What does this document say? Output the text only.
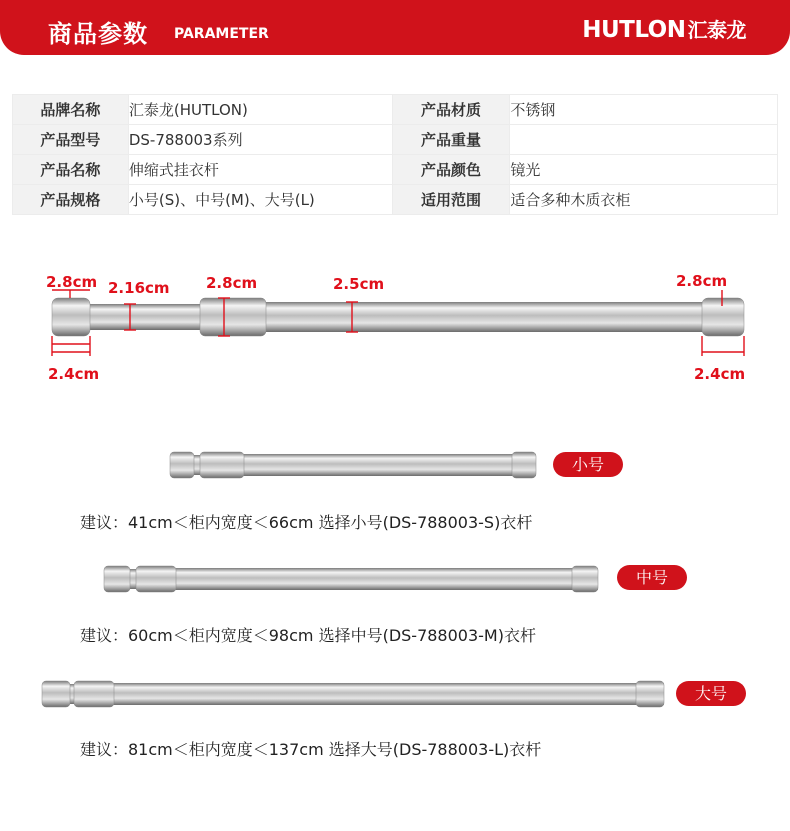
商品参数 PARAMETER	HUTLON 汇泰龙
品牌名称	汇泰龙(HUTLON)	产品材质	不锈钢
产品型号	DS-788003系列	产品重量	
产品名称	伸缩式挂衣杆	产品颜色	镜光
产品规格	小号(S)、中号(M)、大号(L)	适用范围	适合多种木质衣柜
2.8cm 2.16cm 2.8cm	2.5cm	2.8cm
2.4cm	2.4cm
小号
建议：41cm＜柜内宽度＜66cm 选择小号(DS-788003-S)衣杆
中号
建议：60cm＜柜内宽度＜98cm 选择中号(DS-788003-M)衣杆
大号
建议：81cm＜柜内宽度＜137cm 选择大号(DS-788003-L)衣杆
